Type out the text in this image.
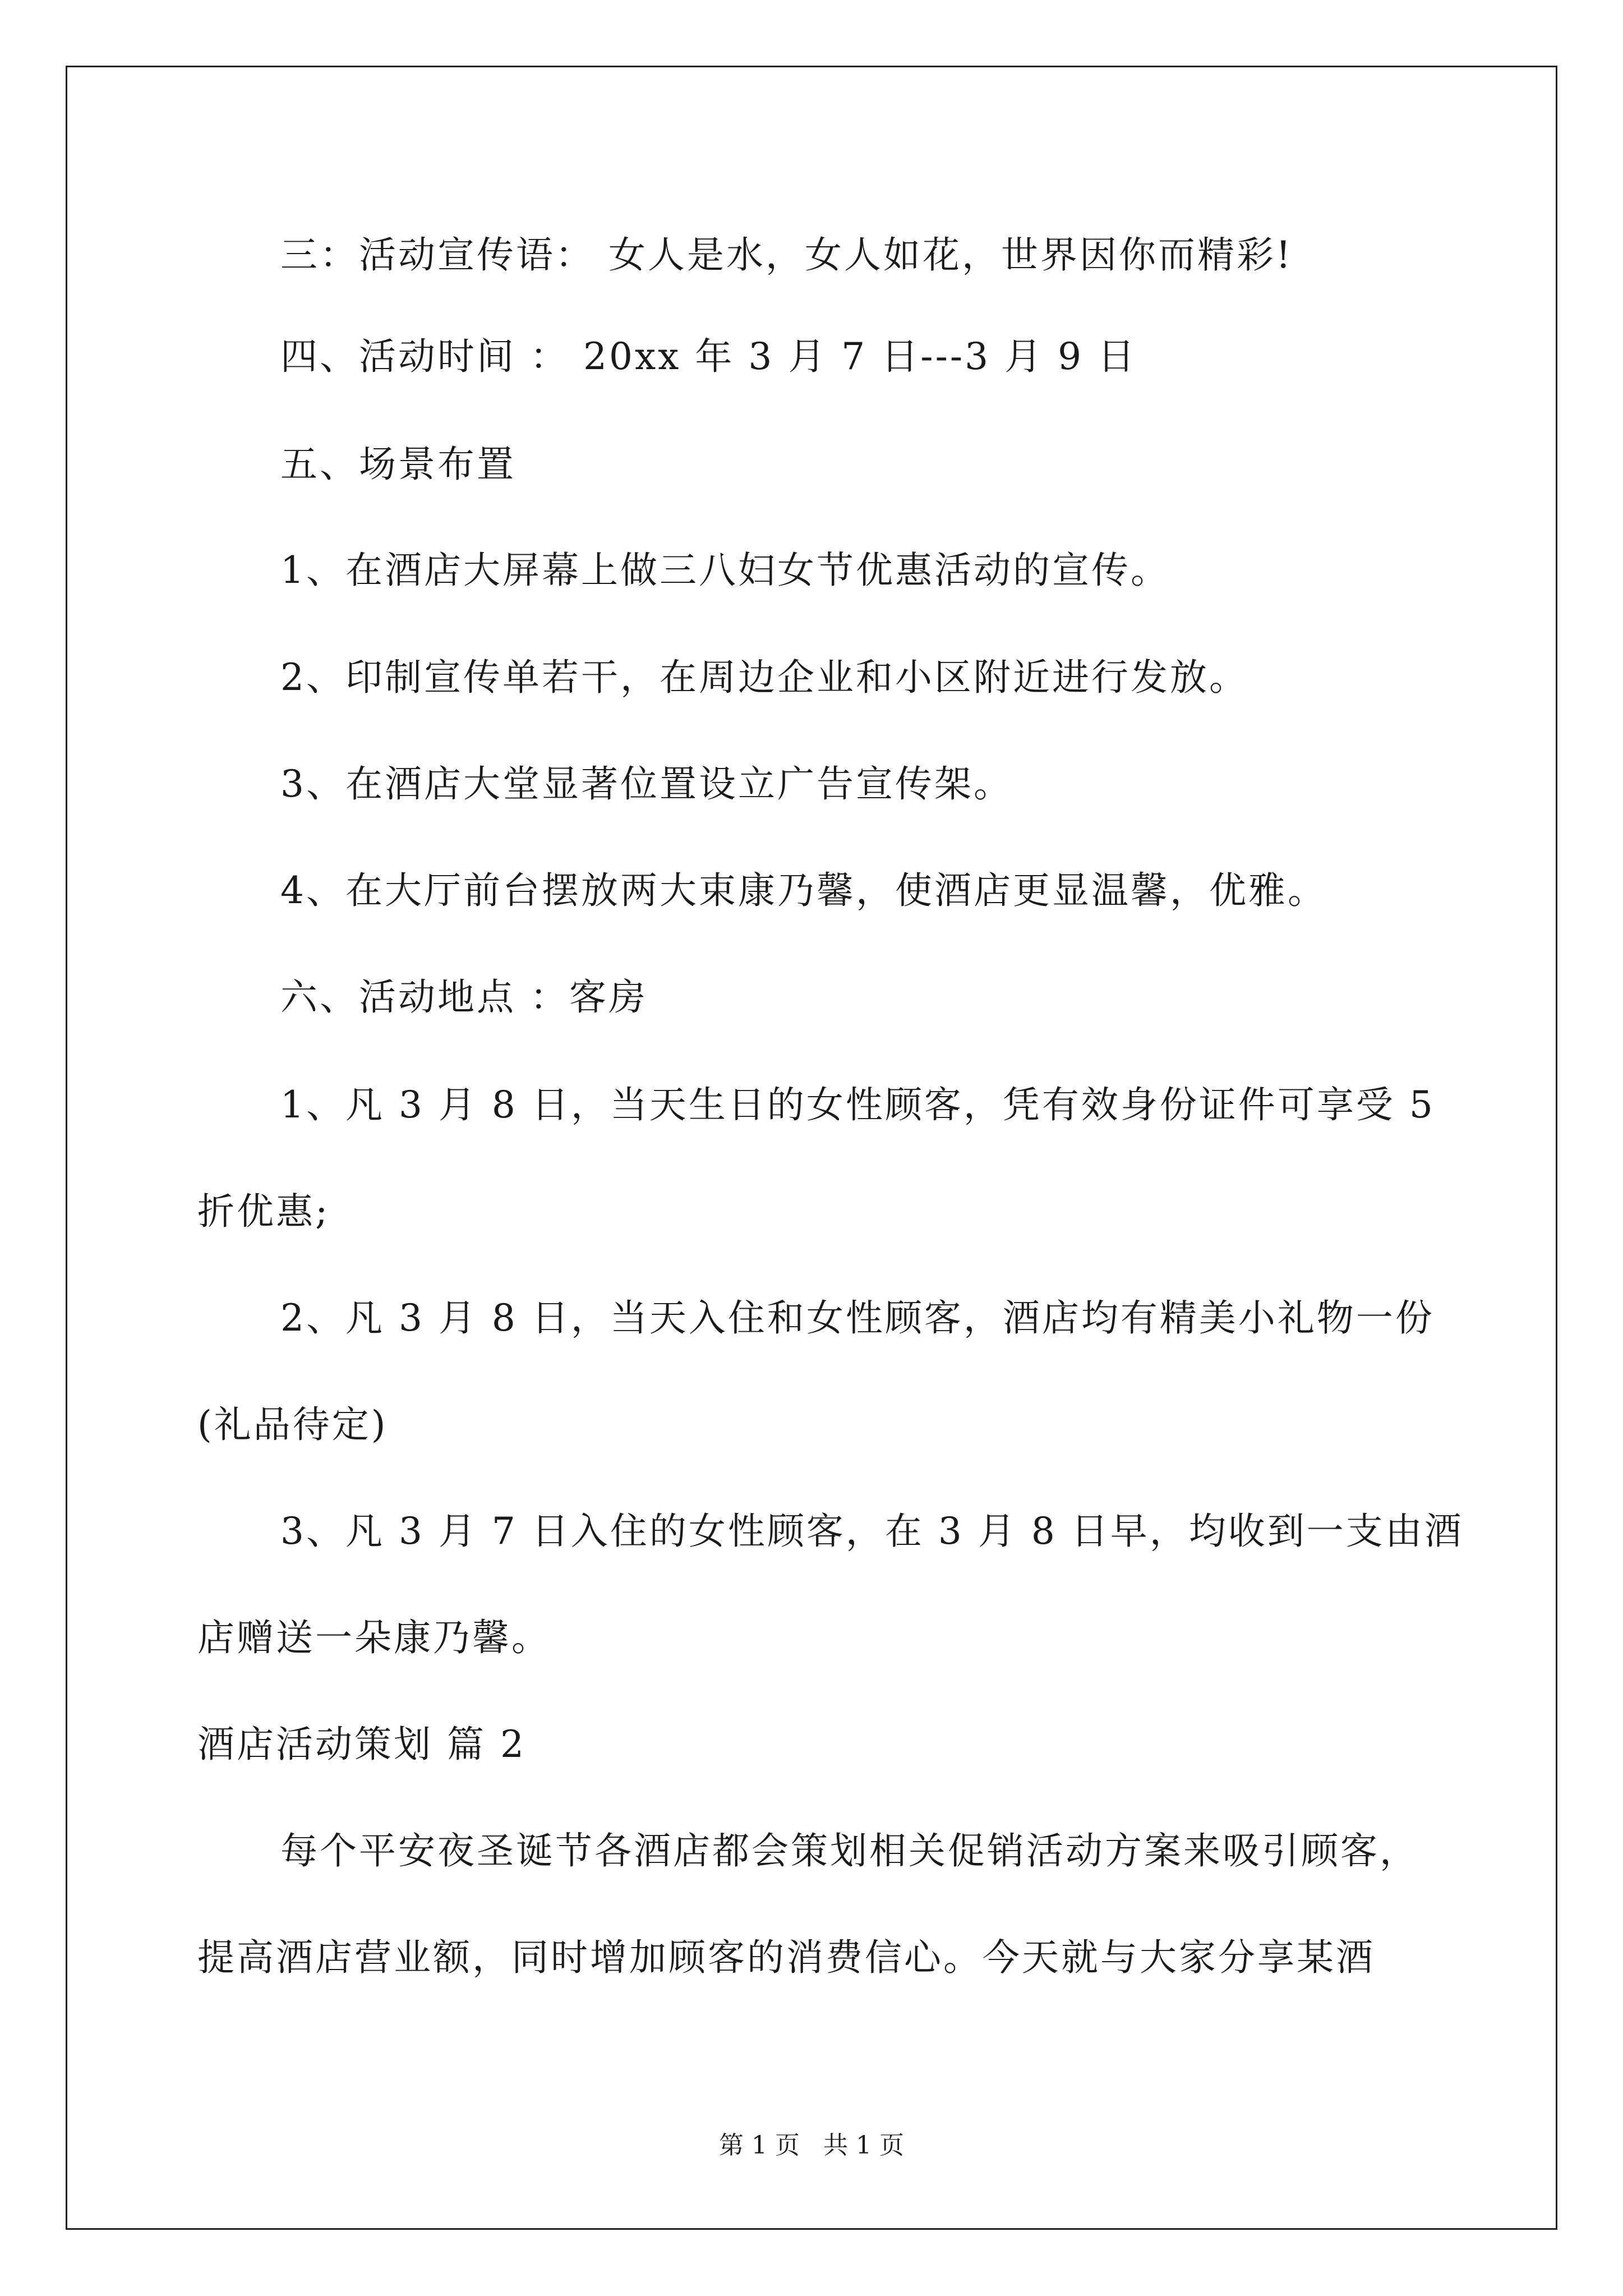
三：活动宣传语： 女人是水，女人如花，世界因你而精彩!
四、活动时间 ： 20xx 年 3 月 7 日---3 月 9 日
五、场景布置
1、在酒店大屏幕上做三八妇女节优惠活动的宣传。
2、印制宣传单若干，在周边企业和小区附近进行发放。
3、在酒店大堂显著位置设立广告宣传架。
4、在大厅前台摆放两大束康乃馨，使酒店更显温馨，优雅。
六、活动地点 ：客房
1、凡 3 月 8 日，当天生日的女性顾客，凭有效身份证件可享受 5
折优惠;
2、凡 3 月 8 日，当天入住和女性顾客，酒店均有精美小礼物一份
(礼品待定)
3、凡 3 月 7 日入住的女性顾客，在 3 月 8 日早，均收到一支由酒
店赠送一朵康乃馨。
酒店活动策划 篇 2
每个平安夜圣诞节各酒店都会策划相关促销活动方案来吸引顾客，
提高酒店营业额，同时增加顾客的消费信心。今天就与大家分享某酒
第 1 页   共 1 页
